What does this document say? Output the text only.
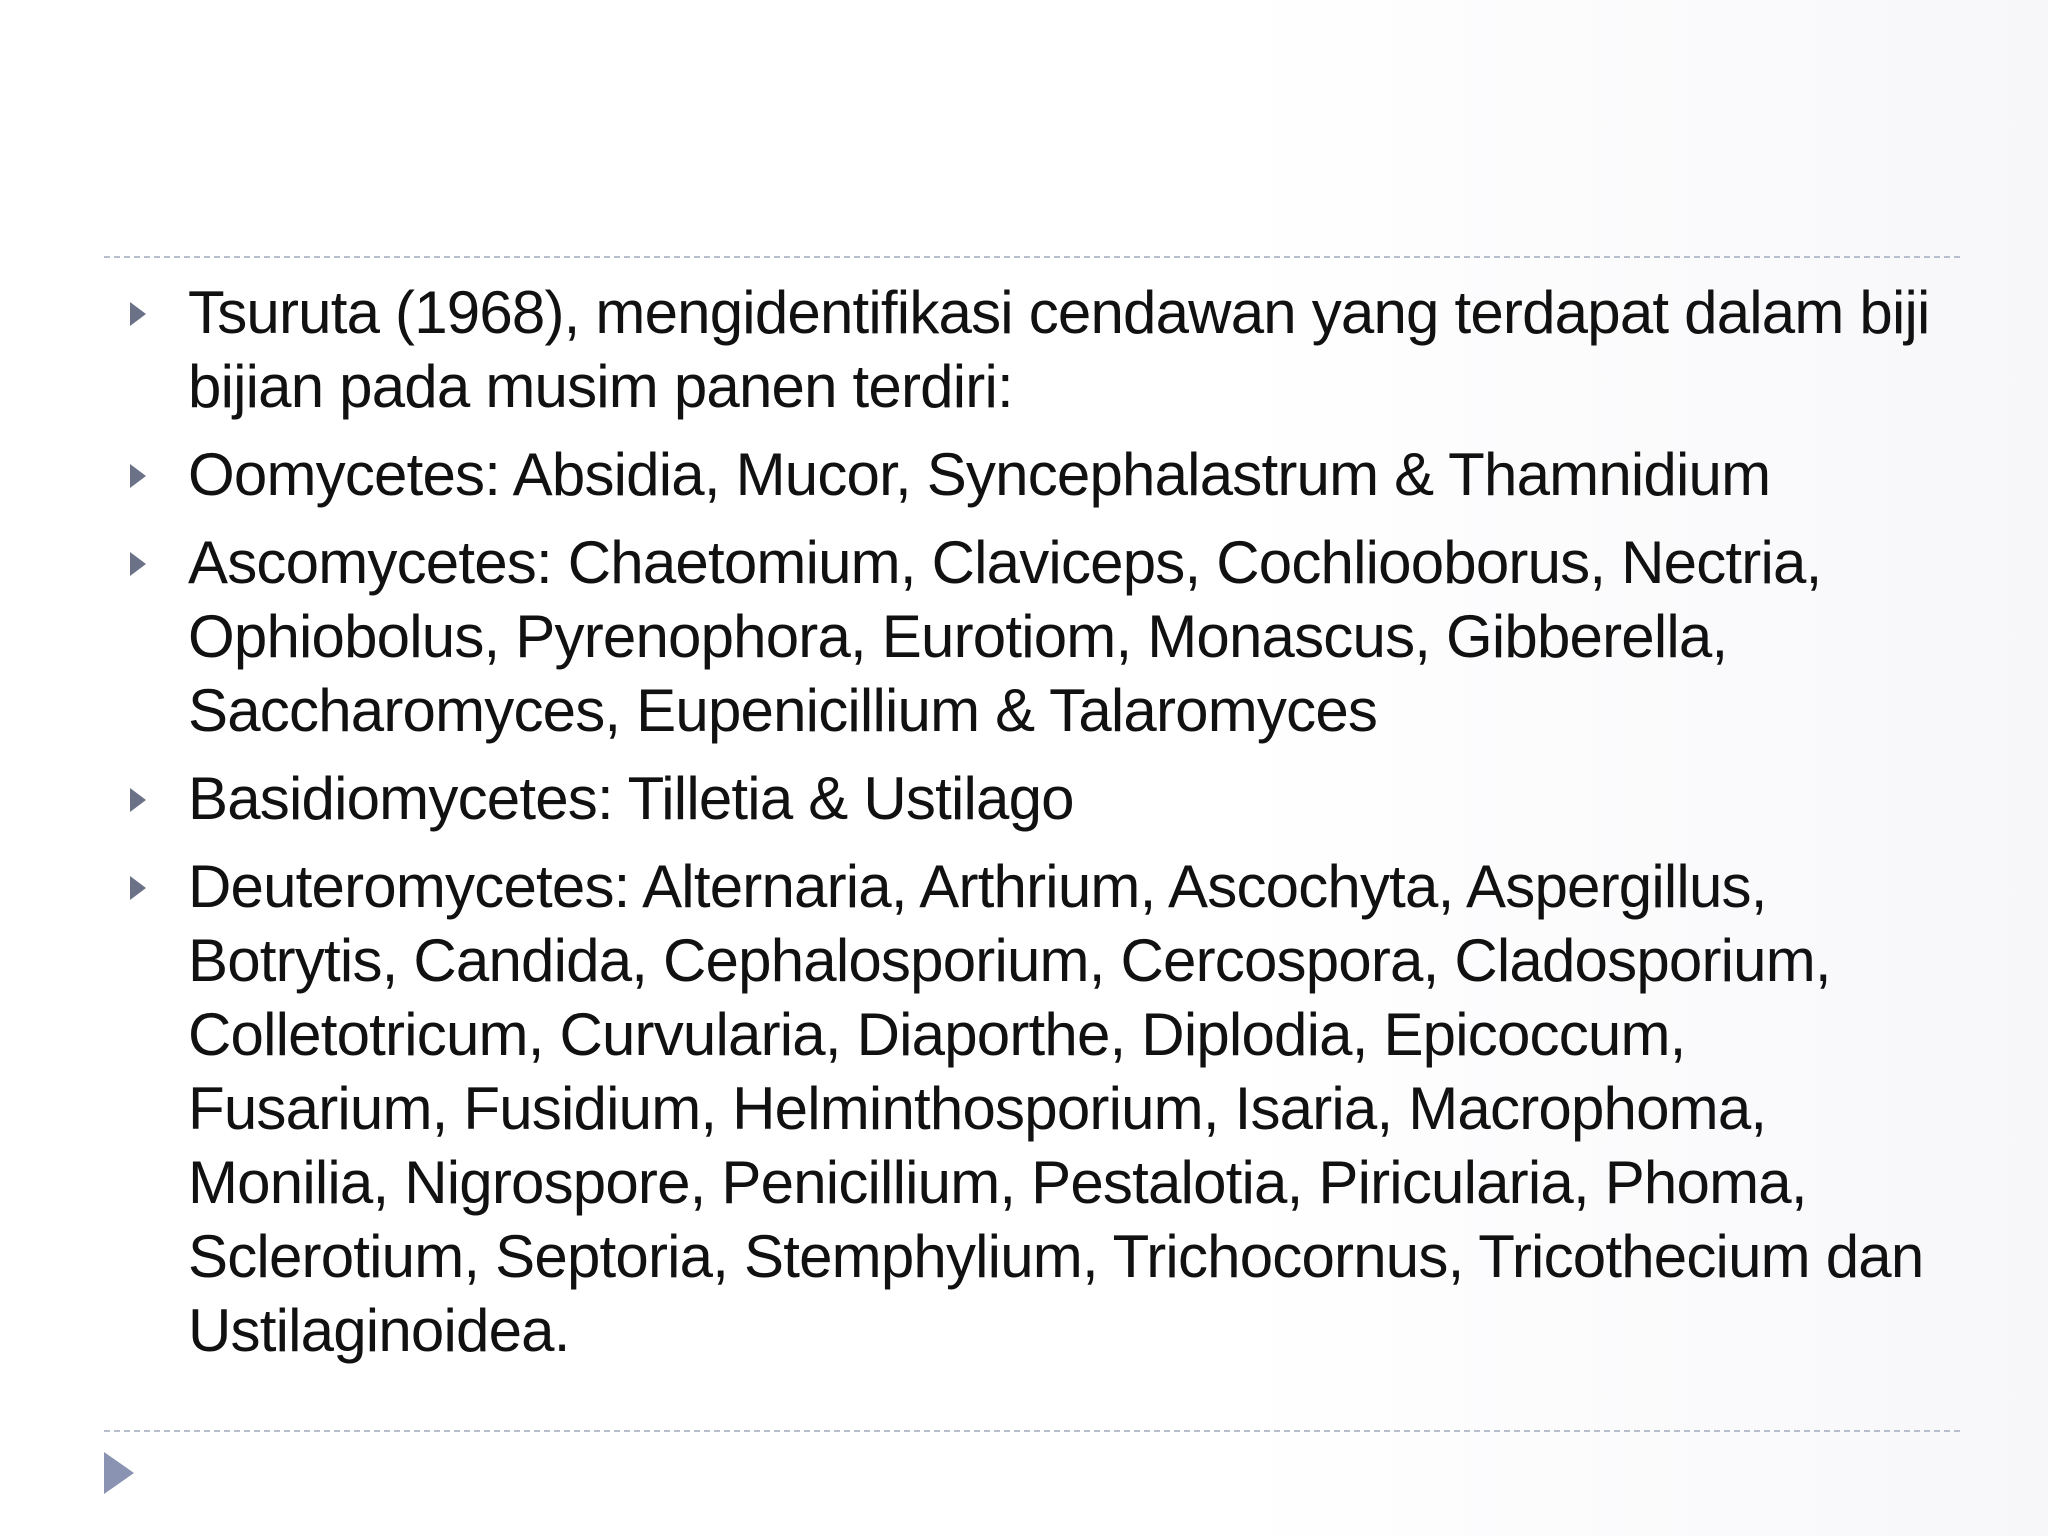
Tsuruta (1968), mengidentifikasi cendawan yang terdapat dalam biji bijian pada musim panen terdiri:
Oomycetes: Absidia, Mucor, Syncephalastrum & Thamnidium
Ascomycetes: Chaetomium, Claviceps, Cochliooborus, Nectria, Ophiobolus, Pyrenophora, Eurotiom, Monascus, Gibberella, Saccharomyces, Eupenicillium & Talaromyces
Basidiomycetes: Tilletia & Ustilago
Deuteromycetes: Alternaria, Arthrium, Ascochyta, Aspergillus, Botrytis, Candida, Cephalosporium, Cercospora, Cladosporium, Colletotricum, Curvularia, Diaporthe, Diplodia, Epicoccum, Fusarium, Fusidium, Helminthosporium, Isaria, Macrophoma, Monilia, Nigrospore, Penicillium, Pestalotia, Piricularia, Phoma, Sclerotium, Septoria, Stemphylium, Trichocornus, Tricothecium dan Ustilaginoidea.
